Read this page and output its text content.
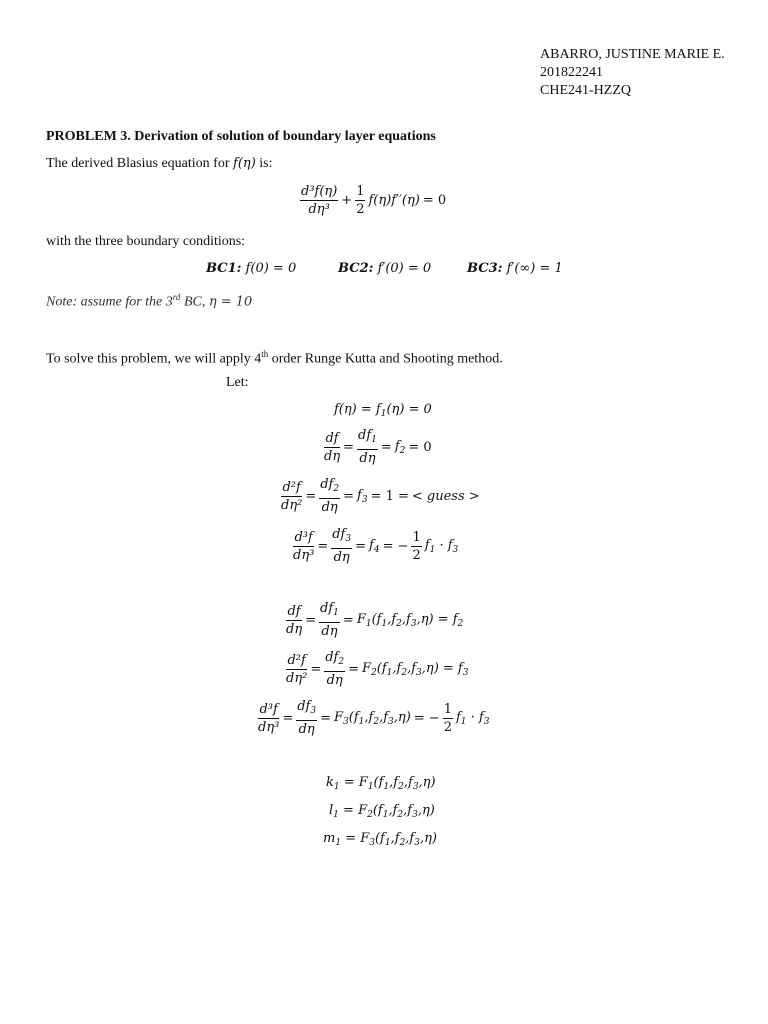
ABARRO, JUSTINE MARIE E.
201822241
CHE241-HZZQ
PROBLEM 3. Derivation of solution of boundary layer equations
The derived Blasius equation for f(η) is:
$\frac{\text{d³f(η)}}{\text{dη³}} + \frac{1}{2} f(\eta)f''(\eta) = 0$
with the three boundary conditions:
BC1: f(0) = 0	BC2: f′(0) = 0	BC3: f′(∞) = 1
Note: assume for the 3rd BC, η = 10
To solve this problem, we will apply 4th order Runge Kutta and Shooting method.
Let:
$f(\eta) = f_1(\eta) = 0$
$\frac{df}{d\eta} = \frac{df_1}{d\eta} = f_2 = 0$
$\frac{\text{d²f}}{\text{dη²}} = \frac{df_2}{d\eta} = f_3 = 1$ = < guess >
$\frac{\text{d³f}}{\text{dη³}} = \frac{df_3}{d\eta} = f_4$ = − $\frac{1}{2} f_1 \cdot f_3$
$\frac{df}{d\eta} = \frac{df_1}{d\eta} = F_1(f_1,f_2,f_3,\eta) = f_2$
$\frac{\text{d²f}}{\text{dη²}} = \frac{df_2}{d\eta} = F_2(f_1,f_2,f_3,\eta) = f_3$
$\frac{\text{d³f}}{\text{dη³}} = \frac{df_3}{d\eta} = F_3(f_1,f_2,f_3,\eta)$ = − $\frac{1}{2} f_1 \cdot f_3$
$k_1 = F_1(f_1,f_2,f_3,\eta)$
$l_1 = F_2(f_1,f_2,f_3,\eta)$
$m_1 = F_3(f_1,f_2,f_3,\eta)$
